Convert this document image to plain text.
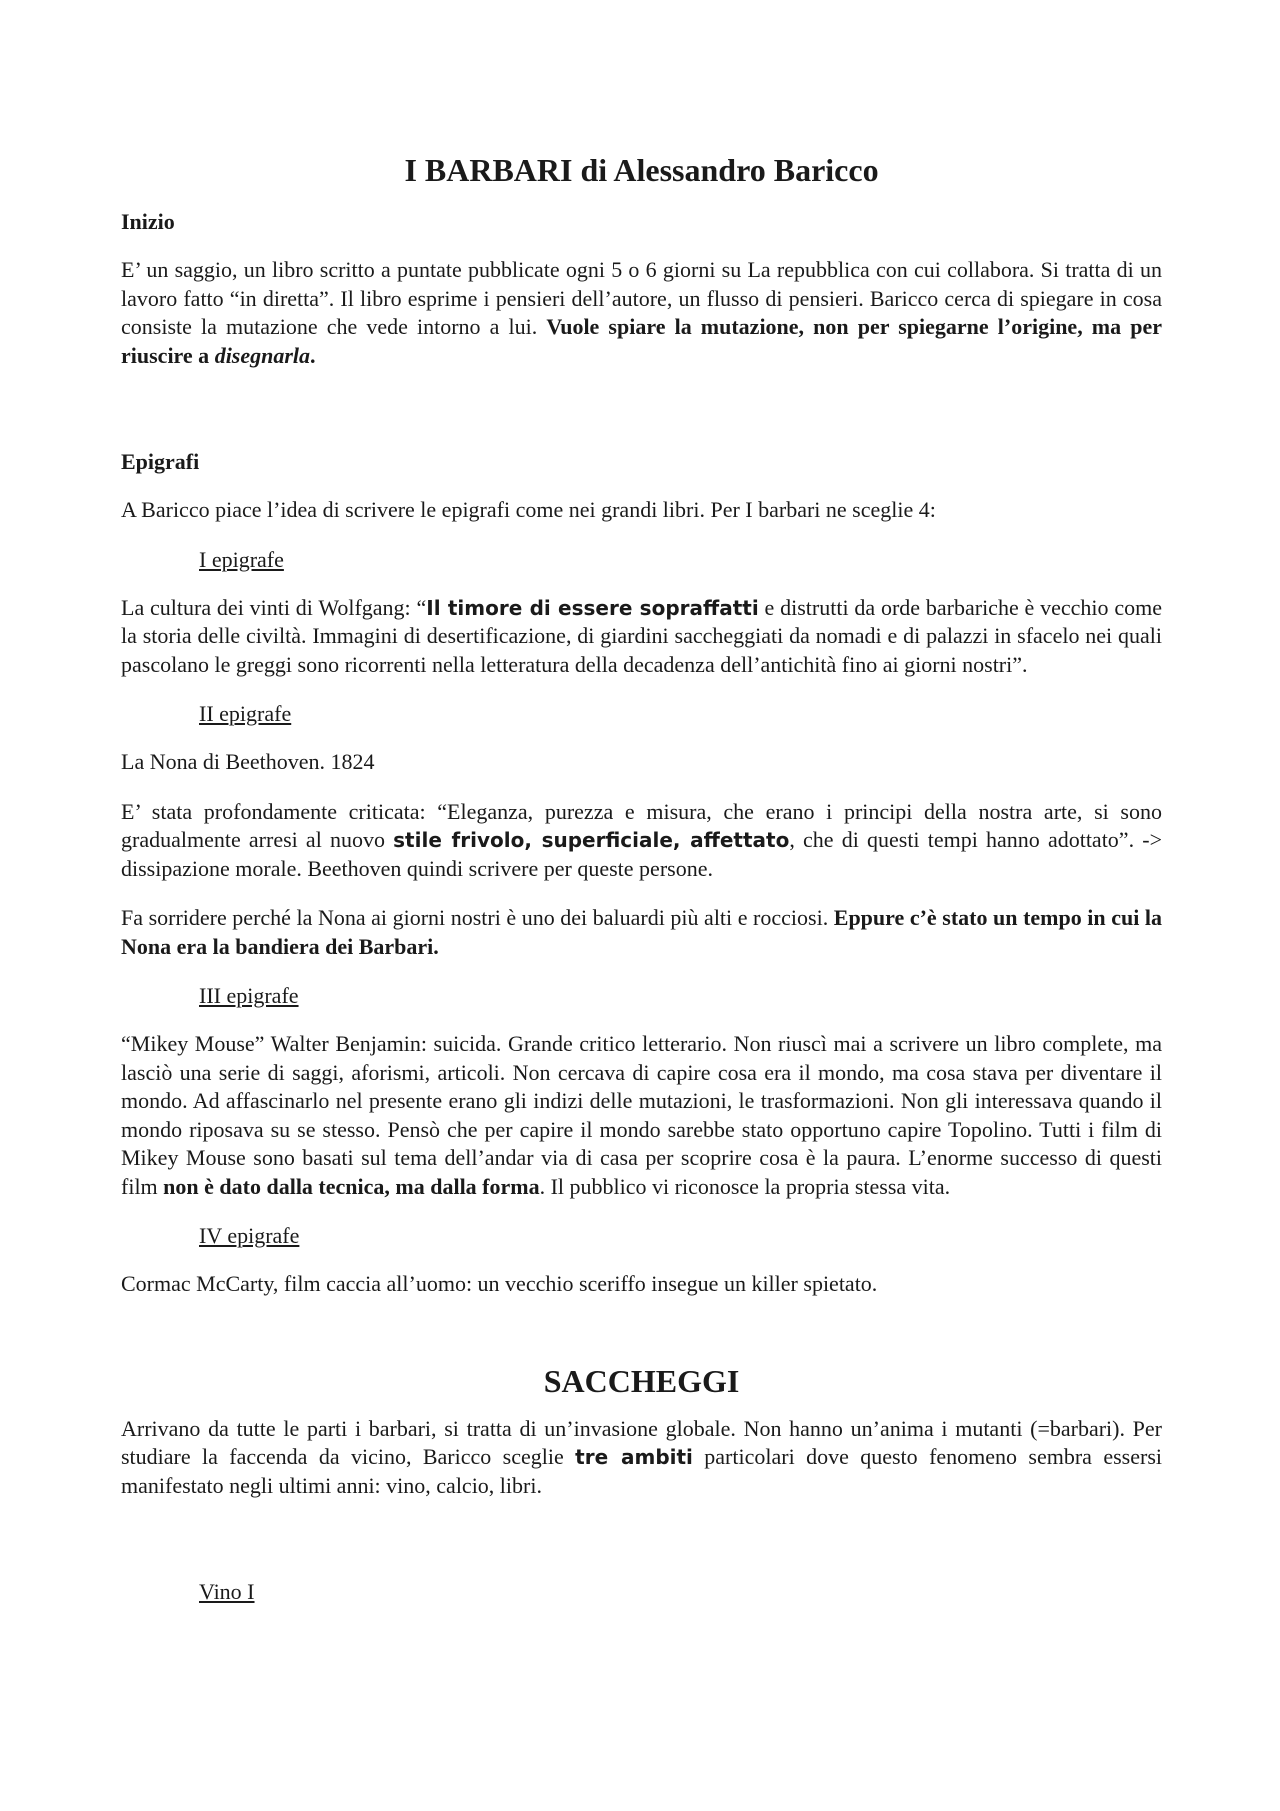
I BARBARI di Alessandro Baricco
Inizio
E’ un saggio, un libro scritto a puntate pubblicate ogni 5 o 6 giorni su La repubblica con cui collabora. Si tratta di un lavoro fatto “in diretta”. Il libro esprime i pensieri dell’autore, un flusso di pensieri. Baricco cerca di spiegare in cosa consiste la mutazione che vede intorno a lui. Vuole spiare la mutazione, non per spiegarne l’origine, ma per riuscire a disegnarla.
Epigrafi
A Baricco piace l’idea di scrivere le epigrafi come nei grandi libri. Per I barbari ne sceglie 4:
I epigrafe
La cultura dei vinti di Wolfgang: “Il timore di essere sopraffatti e distrutti da orde barbariche è vecchio come la storia delle civiltà. Immagini di desertificazione, di giardini saccheggiati da nomadi e di palazzi in sfacelo nei quali pascolano le greggi sono ricorrenti nella letteratura della decadenza dell’antichità fino ai giorni nostri”.
II epigrafe
La Nona di Beethoven. 1824
E’ stata profondamente criticata: “Eleganza, purezza e misura, che erano i principi della nostra arte, si sono gradualmente arresi al nuovo stile frivolo, superficiale, affettato, che di questi tempi hanno adottato”. -> dissipazione morale. Beethoven quindi scrivere per queste persone.
Fa sorridere perché la Nona ai giorni nostri è uno dei baluardi più alti e rocciosi. Eppure c’è stato un tempo in cui la Nona era la bandiera dei Barbari.
III epigrafe
“Mikey Mouse” Walter Benjamin: suicida. Grande critico letterario. Non riuscì mai a scrivere un libro complete, ma lasciò una serie di saggi, aforismi, articoli. Non cercava di capire cosa era il mondo, ma cosa stava per diventare il mondo. Ad affascinarlo nel presente erano gli indizi delle mutazioni, le trasformazioni. Non gli interessava quando il mondo riposava su se stesso. Pensò che per capire il mondo sarebbe stato opportuno capire Topolino. Tutti i film di Mikey Mouse sono basati sul tema dell’andar via di casa per scoprire cosa è la paura. L’enorme successo di questi film non è dato dalla tecnica, ma dalla forma. Il pubblico vi riconosce la propria stessa vita.
IV epigrafe
Cormac McCarty, film caccia all’uomo: un vecchio sceriffo insegue un killer spietato.
SACCHEGGI
Arrivano da tutte le parti i barbari, si tratta di un’invasione globale. Non hanno un’anima i mutanti (=barbari). Per studiare la faccenda da vicino, Baricco sceglie tre ambiti particolari dove questo fenomeno sembra essersi manifestato negli ultimi anni: vino, calcio, libri.
Vino I
